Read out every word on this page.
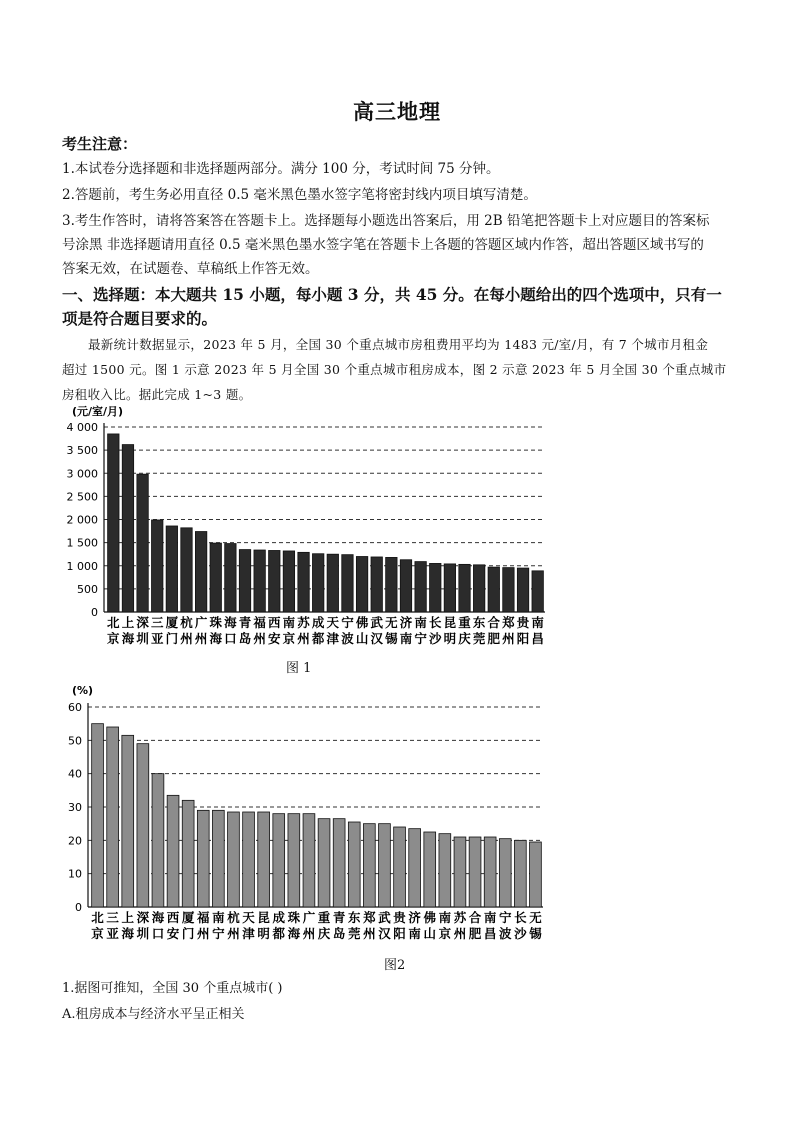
高三地理
考生注意：
1.本试卷分选择题和非选择题两部分。满分 100 分，考试时间 75 分钟。
2.答题前，考生务必用直径 0.5 毫米黑色墨水签字笔将密封线内项目填写清楚。
3.考生作答时，请将答案答在答题卡上。选择题每小题选出答案后，用 2B 铅笔把答题卡上对应题目的答案标
号涂黑 非选择题请用直径 0.5 毫米黑色墨水签字笔在答题卡上各题的答题区域内作答，超出答题区域书写的
答案无效，在试题卷、草稿纸上作答无效。
一、选择题：本大题共 15 小题，每小题 3 分，共 45 分。在每小题给出的四个选项中，只有一
项是符合题目要求的。
最新统计数据显示，2023 年 5 月，全国 30 个重点城市房租费用平均为 1483 元/室/月，有 7 个城市月租金
超过 1500 元。图 1 示意 2023 年 5 月全国 30 个重点城市租房成本，图 2 示意 2023 年 5 月全国 30 个重点城市
房租收入比。据此完成 1~3 题。
(元/室/月)
0
500
1 000
1 500
2 000
2 500
3 000
3 500
4 000
北
京
上
海
深
圳
三
亚
厦
门
杭
州
广
州
珠
海
海
口
青
岛
福
州
西
安
南
京
苏
州
成
都
天
津
宁
波
佛
山
武
汉
无
锡
济
南
南
宁
长
沙
昆
明
重
庆
东
莞
合
肥
郑
州
贵
阳
南
昌
图 1
(%)
0
10
20
30
40
50
60
北
京
三
亚
上
海
深
圳
海
口
西
安
厦
门
福
州
南
宁
杭
州
天
津
昆
明
成
都
珠
海
广
州
重
庆
青
岛
东
莞
郑
州
武
汉
贵
阳
济
南
佛
山
南
京
苏
州
合
肥
南
昌
宁
波
长
沙
无
锡
图2
1.据图可推知，全国 30 个重点城市( )
A.租房成本与经济水平呈正相关
